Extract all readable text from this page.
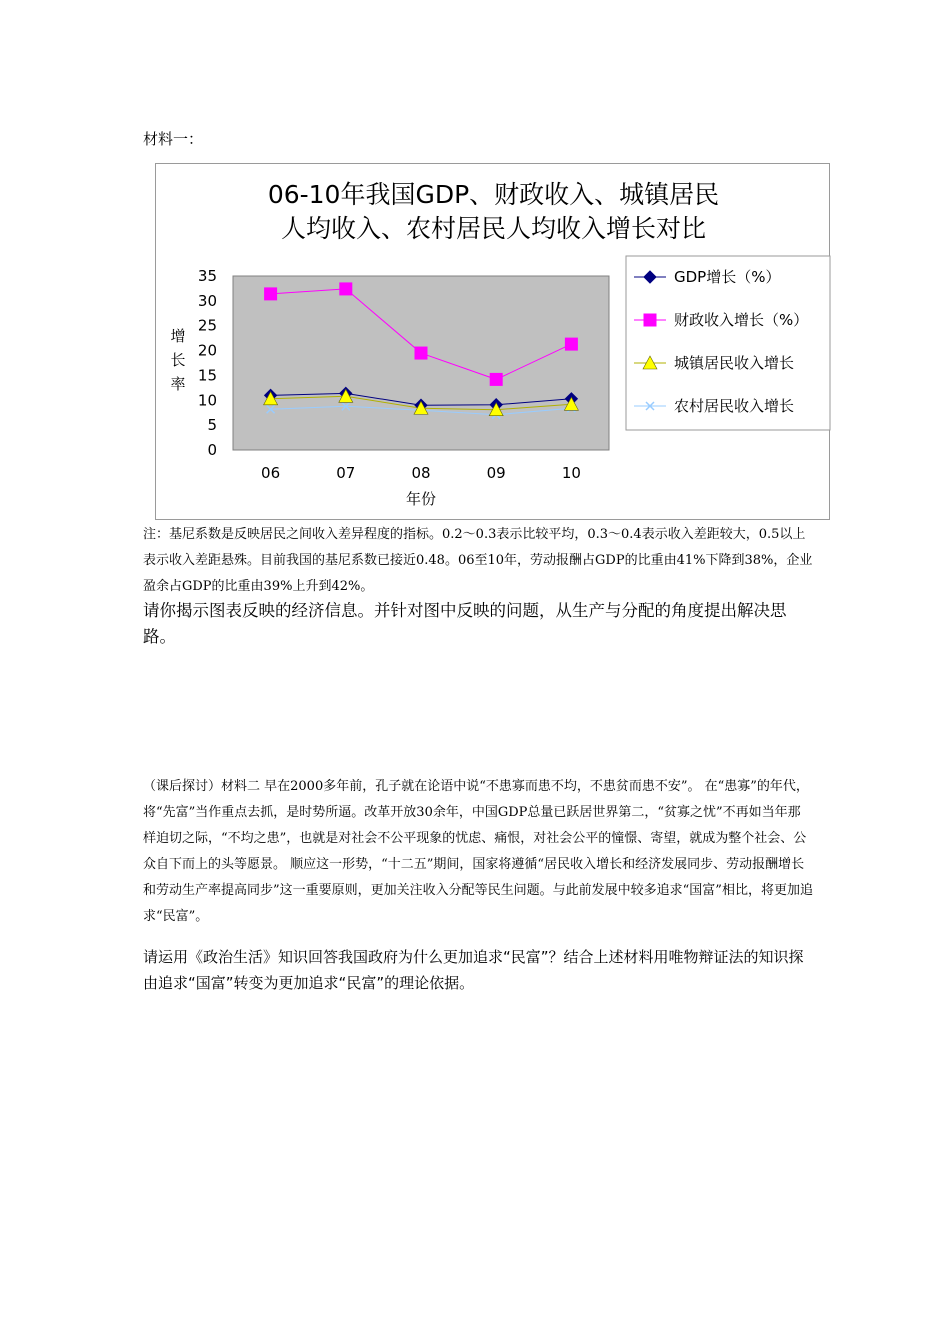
材料一：
06-10年我国GDP、财政收入、城镇居民
人均收入、农村居民人均收入增长对比
0
5
10
15
20
25
30
35
06	07	08	09	10
增
长
率
年份
GDP增长（%）
财政收入增长（%）
城镇居民收入增长
农村居民收入增长
注：基尼系数是反映居民之间收入差异程度的指标。0.2～0.3表示比较平均，0.3～0.4表示收入差距较大，0.5以上表示收入差距悬殊。目前我国的基尼系数已接近0.48。06至10年，劳动报酬占GDP的比重由41%下降到38%，企业盈余占GDP的比重由39%上升到42%。
请你揭示图表反映的经济信息。并针对图中反映的问题，从生产与分配的角度提出解决思路。
（课后探讨）材料二 早在2000多年前，孔子就在论语中说“不患寡而患不均，不患贫而患不安”。 在“患寡”的年代，将“先富”当作重点去抓，是时势所逼。改革开放30余年，中国GDP总量已跃居世界第二，“贫寡之忧”不再如当年那样迫切之际，“不均之患”，也就是对社会不公平现象的忧虑、痛恨，对社会公平的憧憬、寄望，就成为整个社会、公众自下而上的头等愿景。 顺应这一形势，“十二五”期间，国家将遵循“居民收入增长和经济发展同步、劳动报酬增长和劳动生产率提高同步”这一重要原则，更加关注收入分配等民生问题。与此前发展中较多追求“国富”相比，将更加追求“民富”。
请运用《政治生活》知识回答我国政府为什么更加追求“民富”？结合上述材料用唯物辩证法的知识探由追求“国富”转变为更加追求“民富”的理论依据。
